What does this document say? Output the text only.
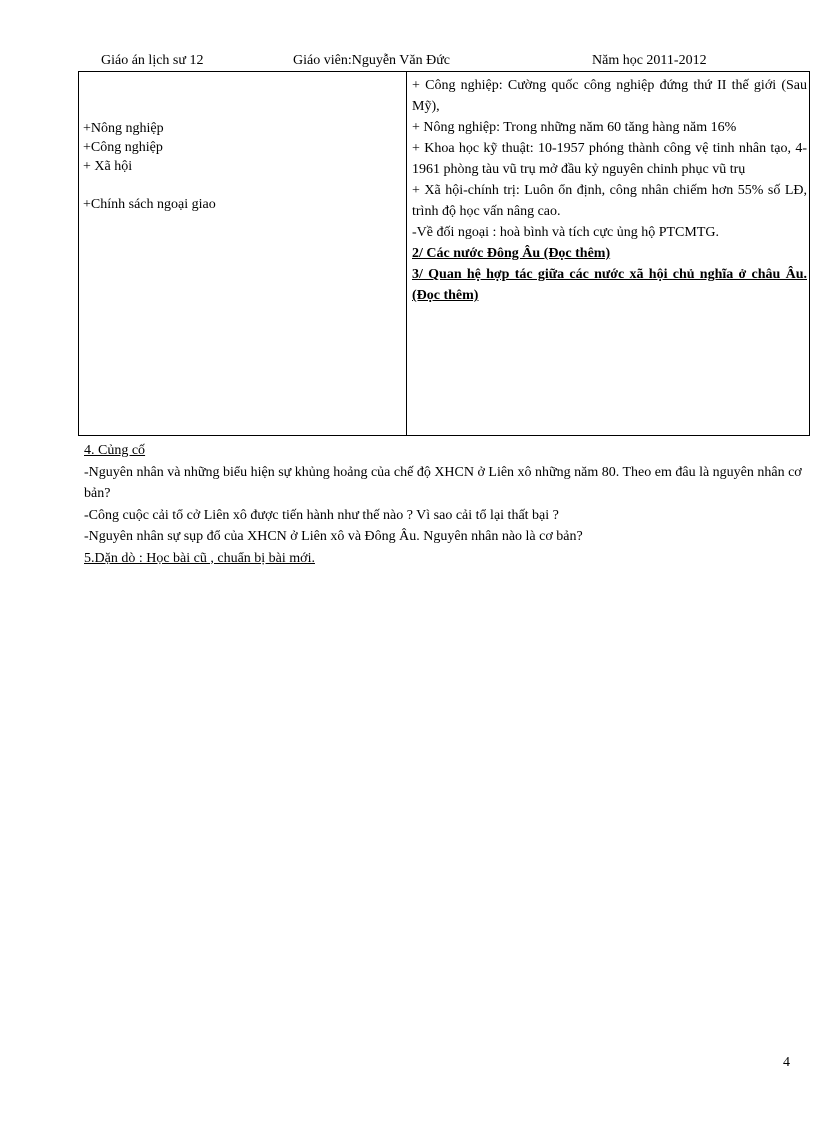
Giáo án lịch sư 12	Giáo viên:Nguyễn Văn Đức	Năm học 2011-2012
+Nông nghiệp
+Công nghiệp
+ Xã hội
+Chính sách ngoại giao

+ Công nghiệp: Cường quốc công nghiệp đứng thứ II thế giới (Sau Mỹ),

+ Nông nghiệp: Trong những năm 60 tăng hàng năm 16%

+ Khoa học kỹ thuật: 10-1957 phóng thành công vệ tinh nhân tạo, 4-1961 phòng tàu vũ trụ mở đầu kỷ nguyên chinh phục vũ trụ

+ Xã hội-chính trị: Luôn ổn định, công nhân chiếm hơn 55% số LĐ, trình độ học vấn nâng cao.

-Về đối ngoại : hoà bình và tích cực ủng hộ PTCMTG.

2/ Các nước Đông Âu (Đọc thêm)

3/ Quan hệ hợp tác giữa các nước xã hội chủ nghĩa ở châu Âu. (Đọc thêm)

4. Củng cố

-Nguyên nhân và những biểu hiện sự khủng hoảng của chế độ XHCN ở Liên xô những năm 80. Theo em đâu là nguyên nhân cơ bản?

-Công cuộc cải tổ cở Liên xô được tiến hành như thế nào ? Vì sao cải tổ lại thất bại ?

-Nguyên nhân sự sụp đổ của XHCN ở Liên xô và Đông Âu. Nguyên nhân nào là cơ bản?

5.Dặn dò : Học bài cũ , chuẩn bị bài mới.

4
